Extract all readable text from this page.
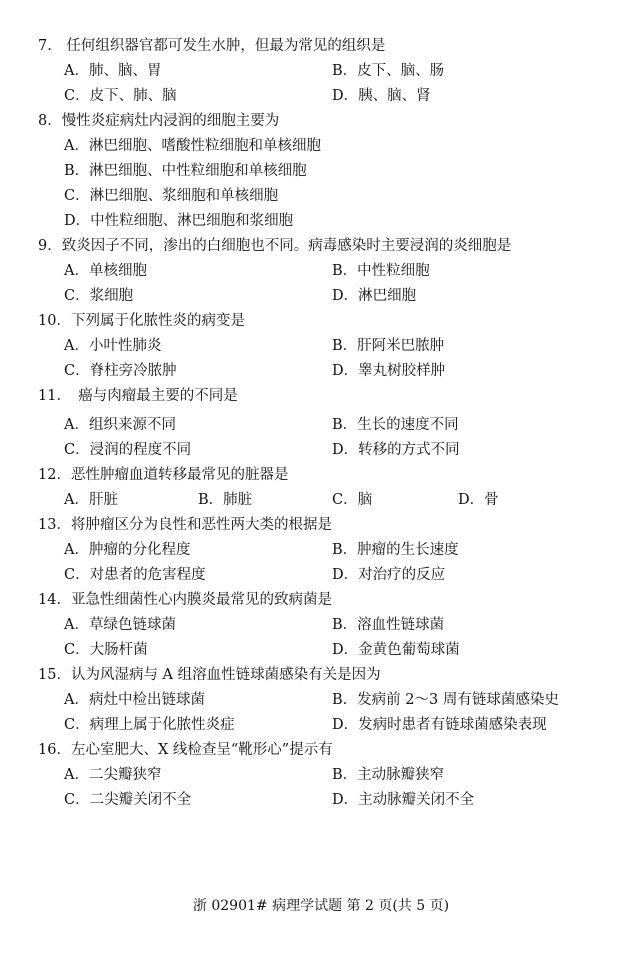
7.　任何组织器官都可发生水肿，但最为常见的组织是
A．肺、脑、胃	B．皮下、脑、肠
C．皮下、肺、脑	D．胰、脑、肾
8．慢性炎症病灶内浸润的细胞主要为
A．淋巴细胞、嗜酸性粒细胞和单核细胞
B．淋巴细胞、中性粒细胞和单核细胞
C．淋巴细胞、浆细胞和单核细胞
D．中性粒细胞、淋巴细胞和浆细胞
9．致炎因子不同，渗出的白细胞也不同。病毒感染时主要浸润的炎细胞是
A．单核细胞	B．中性粒细胞
C．浆细胞	D．淋巴细胞
10．下列属于化脓性炎的病变是
A．小叶性肺炎	B．肝阿米巴脓肿
C．脊柱旁冷脓肿	D．睾丸树胶样肿
11．　癌与肉瘤最主要的不同是
A．组织来源不同	B．生长的速度不同
C．浸润的程度不同	D．转移的方式不同
12．恶性肿瘤血道转移最常见的脏器是
A．肝脏	B．肺脏	C．脑	D．骨
13．将肿瘤区分为良性和恶性两大类的根据是
A．肿瘤的分化程度	B．肿瘤的生长速度
C．对患者的危害程度	D．对治疗的反应
14．亚急性细菌性心内膜炎最常见的致病菌是
A．草绿色链球菌	B．溶血性链球菌
C．大肠杆菌	D．金黄色葡萄球菌
15．认为风湿病与 A 组溶血性链球菌感染有关是因为
A．病灶中检出链球菌	B．发病前 2～3 周有链球菌感染史
C．病理上属于化脓性炎症	D．发病时患者有链球菌感染表现
16．左心室肥大、X 线检查呈“靴形心”提示有
A．二尖瓣狭窄	B．主动脉瓣狭窄
C．二尖瓣关闭不全	D．主动脉瓣关闭不全
浙 02901# 病理学试题 第 2 页(共 5 页)
